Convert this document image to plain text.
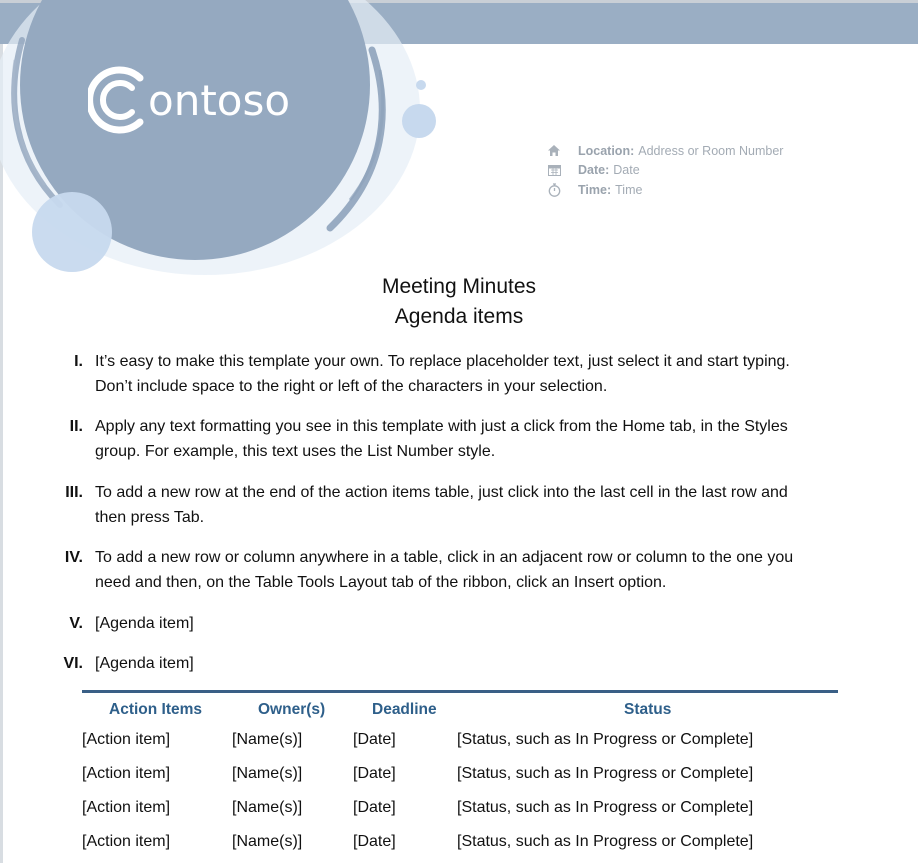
ontoso
Location: Address or Room Number
Date: Date
Time: Time
Meeting Minutes
Agenda items
I. It’s easy to make this template your own. To replace placeholder text, just select it and start typing.
Don’t include space to the right or left of the characters in your selection.
II. Apply any text formatting you see in this template with just a click from the Home tab, in the Styles
group. For example, this text uses the List Number style.
III. To add a new row at the end of the action items table, just click into the last cell in the last row and
then press Tab.
IV. To add a new row or column anywhere in a table, click in an adjacent row or column to the one you
need and then, on the Table Tools Layout tab of the ribbon, click an Insert option.
V. [Agenda item]
VI. [Agenda item]
Action Items	Owner(s)	Deadline	Status
[Action item]	[Name(s)]	[Date]	[Status, such as In Progress or Complete]
[Action item]	[Name(s)]	[Date]	[Status, such as In Progress or Complete]
[Action item]	[Name(s)]	[Date]	[Status, such as In Progress or Complete]
[Action item]	[Name(s)]	[Date]	[Status, such as In Progress or Complete]
